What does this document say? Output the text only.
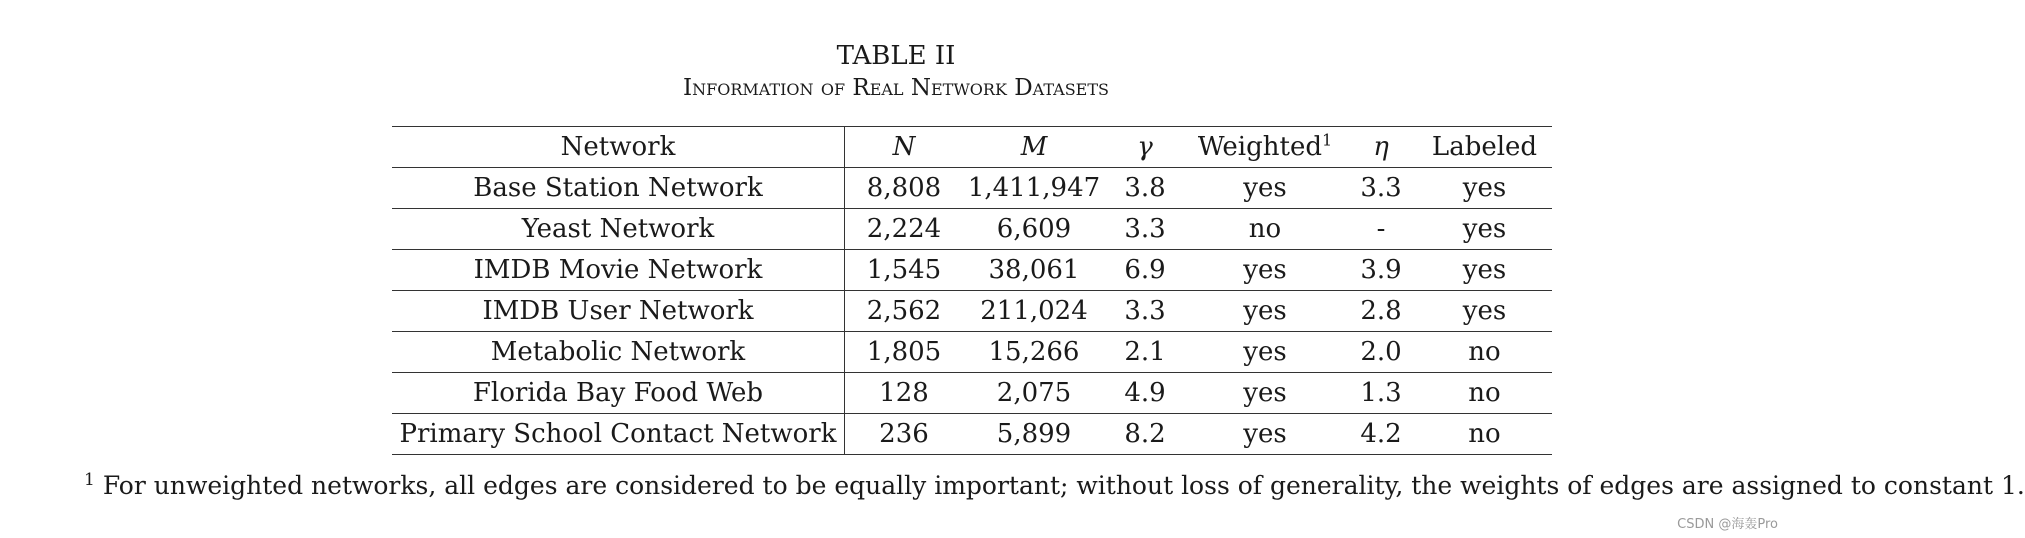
TABLE II
Information of Real Network Datasets
Network	N	M	γ	Weighted$^1$	η	Labeled
Base Station Network	8,808	1,411,947	3.8	yes	3.3	yes
Yeast Network	2,224	6,609	3.3	no	-	yes
IMDB Movie Network	1,545	38,061	6.9	yes	3.9	yes
IMDB User Network	2,562	211,024	3.3	yes	2.8	yes
Metabolic Network	1,805	15,266	2.1	yes	2.0	no
Florida Bay Food Web	128	2,075	4.9	yes	1.3	no
Primary School Contact Network	236	5,899	8.2	yes	4.2	no
$^1$ For unweighted networks, all edges are considered to be equally important; without loss of generality, the weights of edges are assigned to constant 1.
CSDN @海轰Pro
